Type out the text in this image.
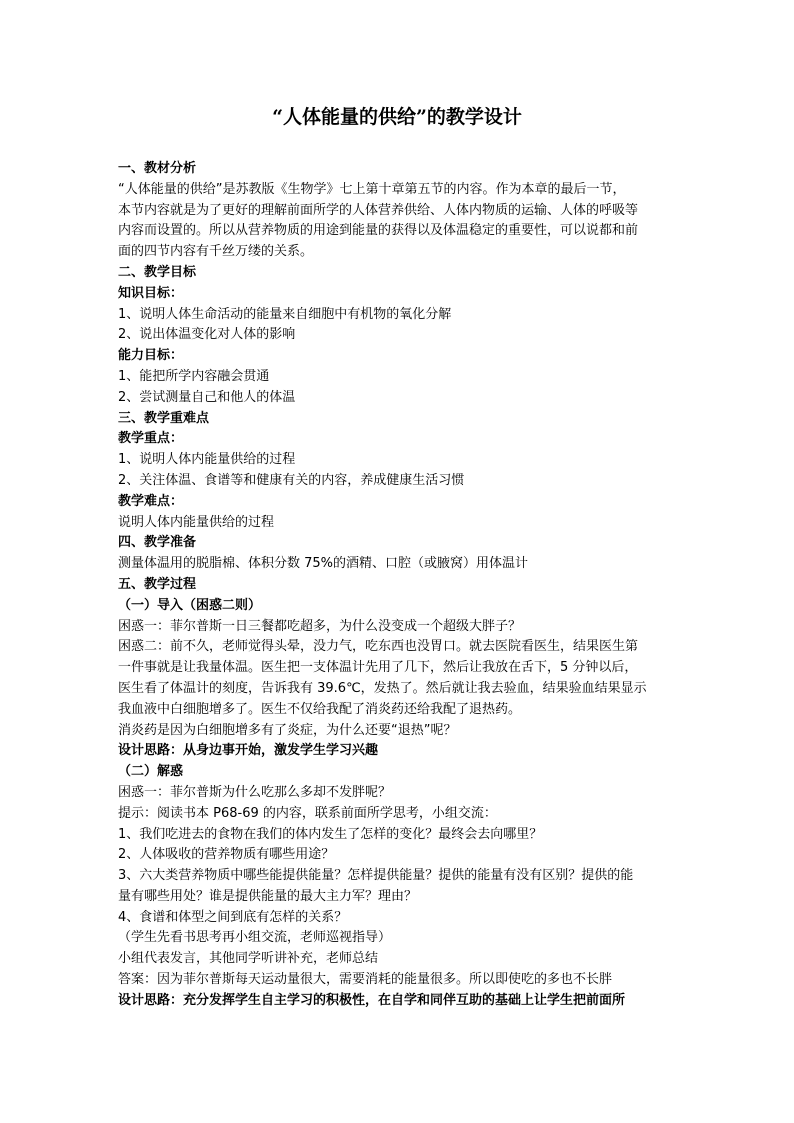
“人体能量的供给”的教学设计
一、教材分析
“人体能量的供给”是苏教版《生物学》七上第十章第五节的内容。作为本章的最后一节，
本节内容就是为了更好的理解前面所学的人体营养供给、人体内物质的运输、人体的呼吸等
内容而设置的。所以从营养物质的用途到能量的获得以及体温稳定的重要性，可以说都和前
面的四节内容有千丝万缕的关系。
二、教学目标
知识目标：
1、说明人体生命活动的能量来自细胞中有机物的氧化分解
2、说出体温变化对人体的影响
能力目标：
1、能把所学内容融会贯通
2、尝试测量自己和他人的体温
三、教学重难点
教学重点：
1、说明人体内能量供给的过程
2、关注体温、食谱等和健康有关的内容，养成健康生活习惯
教学难点：
说明人体内能量供给的过程
四、教学准备
测量体温用的脱脂棉、体积分数 75%的酒精、口腔（或腋窝）用体温计
五、教学过程
（一）导入（困惑二则）
困惑一：菲尔普斯一日三餐都吃超多，为什么没变成一个超级大胖子？
困惑二：前不久，老师觉得头晕，没力气，吃东西也没胃口。就去医院看医生，结果医生第
一件事就是让我量体温。医生把一支体温计先用了几下，然后让我放在舌下，5 分钟以后，
医生看了体温计的刻度，告诉我有 39.6℃，发热了。然后就让我去验血，结果验血结果显示
我血液中白细胞增多了。医生不仅给我配了消炎药还给我配了退热药。
消炎药是因为白细胞增多有了炎症，为什么还要“退热”呢？
设计思路：从身边事开始，激发学生学习兴趣
（二）解惑
困惑一：菲尔普斯为什么吃那么多却不发胖呢？
提示：阅读书本 P68-69 的内容，联系前面所学思考，小组交流：
1、我们吃进去的食物在我们的体内发生了怎样的变化？最终会去向哪里？
2、人体吸收的营养物质有哪些用途？
3、六大类营养物质中哪些能提供能量？怎样提供能量？提供的能量有没有区别？提供的能
量有哪些用处？谁是提供能量的最大主力军？理由？
4、食谱和体型之间到底有怎样的关系？
（学生先看书思考再小组交流，老师巡视指导）
小组代表发言，其他同学听讲补充，老师总结
答案：因为菲尔普斯每天运动量很大，需要消耗的能量很多。所以即使吃的多也不长胖
设计思路：充分发挥学生自主学习的积极性，在自学和同伴互助的基础上让学生把前面所
